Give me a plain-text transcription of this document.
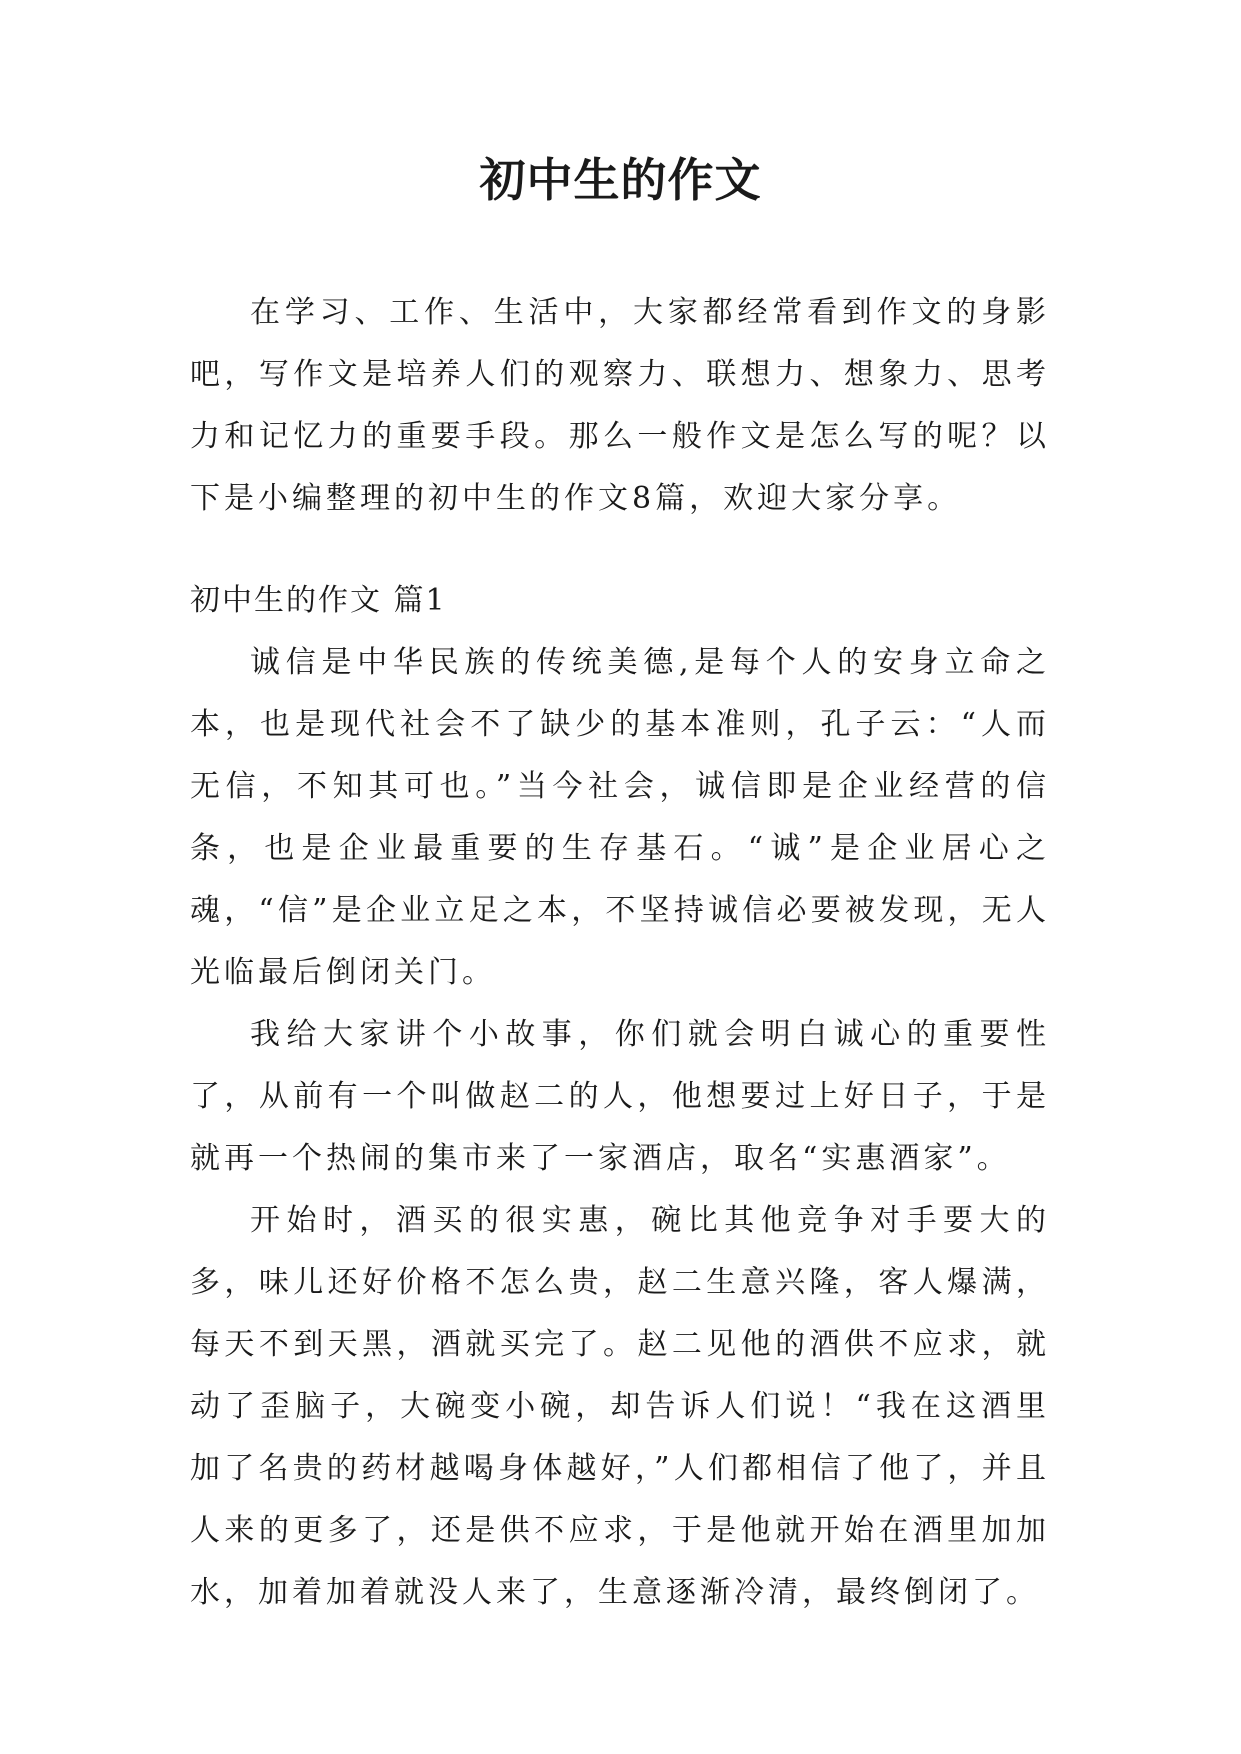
初中生的作文

在学习、工作、生活中，大家都经常看到作文的身影吧，写作文是培养人们的观察力、联想力、想象力、思考力和记忆力的重要手段。那么一般作文是怎么写的呢？以下是小编整理的初中生的作文8篇，欢迎大家分享。

初中生的作文 篇1

诚信是中华民族的传统美德,是每个人的安身立命之本，也是现代社会不了缺少的基本准则，孔子云：“人而无信，不知其可也。”当今社会，诚信即是企业经营的信条，也是企业最重要的生存基石。“诚”是企业居心之魂，“信”是企业立足之本，不坚持诚信必要被发现，无人光临最后倒闭关门。

我给大家讲个小故事，你们就会明白诚心的重要性了，从前有一个叫做赵二的人，他想要过上好日子，于是就再一个热闹的集市来了一家酒店，取名“实惠酒家”。

开始时，酒买的很实惠，碗比其他竞争对手要大的多，味儿还好价格不怎么贵，赵二生意兴隆，客人爆满，每天不到天黑，酒就买完了。赵二见他的酒供不应求，就动了歪脑子，大碗变小碗，却告诉人们说！“我在这酒里加了名贵的药材越喝身体越好，”人们都相信了他了，并且人来的更多了，还是供不应求，于是他就开始在酒里加加水，加着加着就没人来了，生意逐渐冷清，最终倒闭了。
